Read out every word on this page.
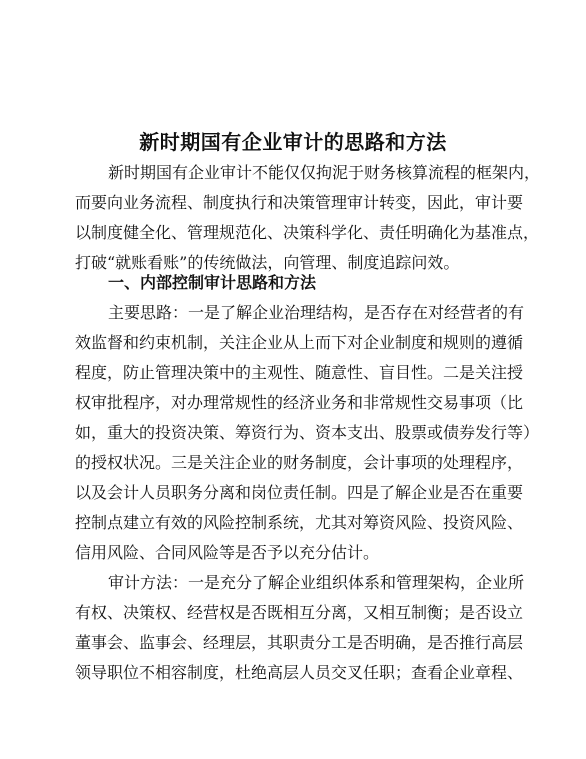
新时期国有企业审计的思路和方法
新时期国有企业审计不能仅仅拘泥于财务核算流程的框架内，
而要向业务流程、制度执行和决策管理审计转变，因此，审计要
以制度健全化、管理规范化、决策科学化、责任明确化为基准点，
打破“就账看账”的传统做法，向管理、制度追踪问效。
一、内部控制审计思路和方法
主要思路：一是了解企业治理结构，是否存在对经营者的有
效监督和约束机制，关注企业从上而下对企业制度和规则的遵循
程度，防止管理决策中的主观性、随意性、盲目性。二是关注授
权审批程序，对办理常规性的经济业务和非常规性交易事项（比
如，重大的投资决策、筹资行为、资本支出、股票或债券发行等）
的授权状况。三是关注企业的财务制度，会计事项的处理程序，
以及会计人员职务分离和岗位责任制。四是了解企业是否在重要
控制点建立有效的风险控制系统，尤其对筹资风险、投资风险、
信用风险、合同风险等是否予以充分估计。
审计方法：一是充分了解企业组织体系和管理架构，企业所
有权、决策权、经营权是否既相互分离，又相互制衡；是否设立
董事会、监事会、经理层，其职责分工是否明确，是否推行高层
领导职位不相容制度，杜绝高层人员交叉任职；查看企业章程、
